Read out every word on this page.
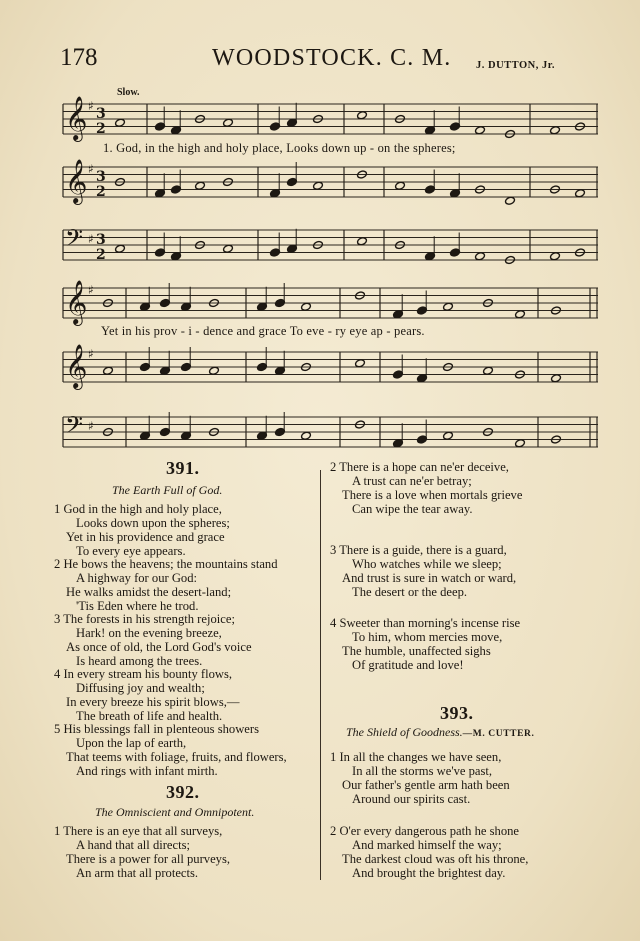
178	WOODSTOCK. C. M. J. DUTTON, Jr.
𝄞 ♯ 3
2
𝄞 ♯ 3
2
𝄢 ♯ 3
2
𝄞 ♯
𝄞 ♯
𝄢 ♯
Slow.
1. God, in the high and holy place, Looks down up - on the spheres;
Yet in his prov - i - dence and grace To eve - ry eye ap - pears.
391.
The Earth Full of God.
1 God in the high and holy place,
Looks down upon the spheres;
Yet in his providence and grace
To every eye appears.
2 He bows the heavens; the mountains stand
A highway for our God:
He walks amidst the desert-land;
'Tis Eden where he trod.
3 The forests in his strength rejoice;
Hark! on the evening breeze,
As once of old, the Lord God's voice
Is heard among the trees.
4 In every stream his bounty flows,
Diffusing joy and wealth;
In every breeze his spirit blows,—
The breath of life and health.
5 His blessings fall in plenteous showers
Upon the lap of earth,
That teems with foliage, fruits, and flowers,
And rings with infant mirth.
392.
The Omniscient and Omnipotent.
1 There is an eye that all surveys,
A hand that all directs;
There is a power for all purveys,
An arm that all protects.
2 There is a hope can ne'er deceive,
A trust can ne'er betray;
There is a love when mortals grieve
Can wipe the tear away.
3 There is a guide, there is a guard,
Who watches while we sleep;
And trust is sure in watch or ward,
The desert or the deep.
4 Sweeter than morning's incense rise
To him, whom mercies move,
The humble, unaffected sighs
Of gratitude and love!
393.
The Shield of Goodness.—M. CUTTER.
1 In all the changes we have seen,
In all the storms we've past,
Our father's gentle arm hath been
Around our spirits cast.
2 O'er every dangerous path he shone
And marked himself the way;
The darkest cloud was oft his throne,
And brought the brightest day.
